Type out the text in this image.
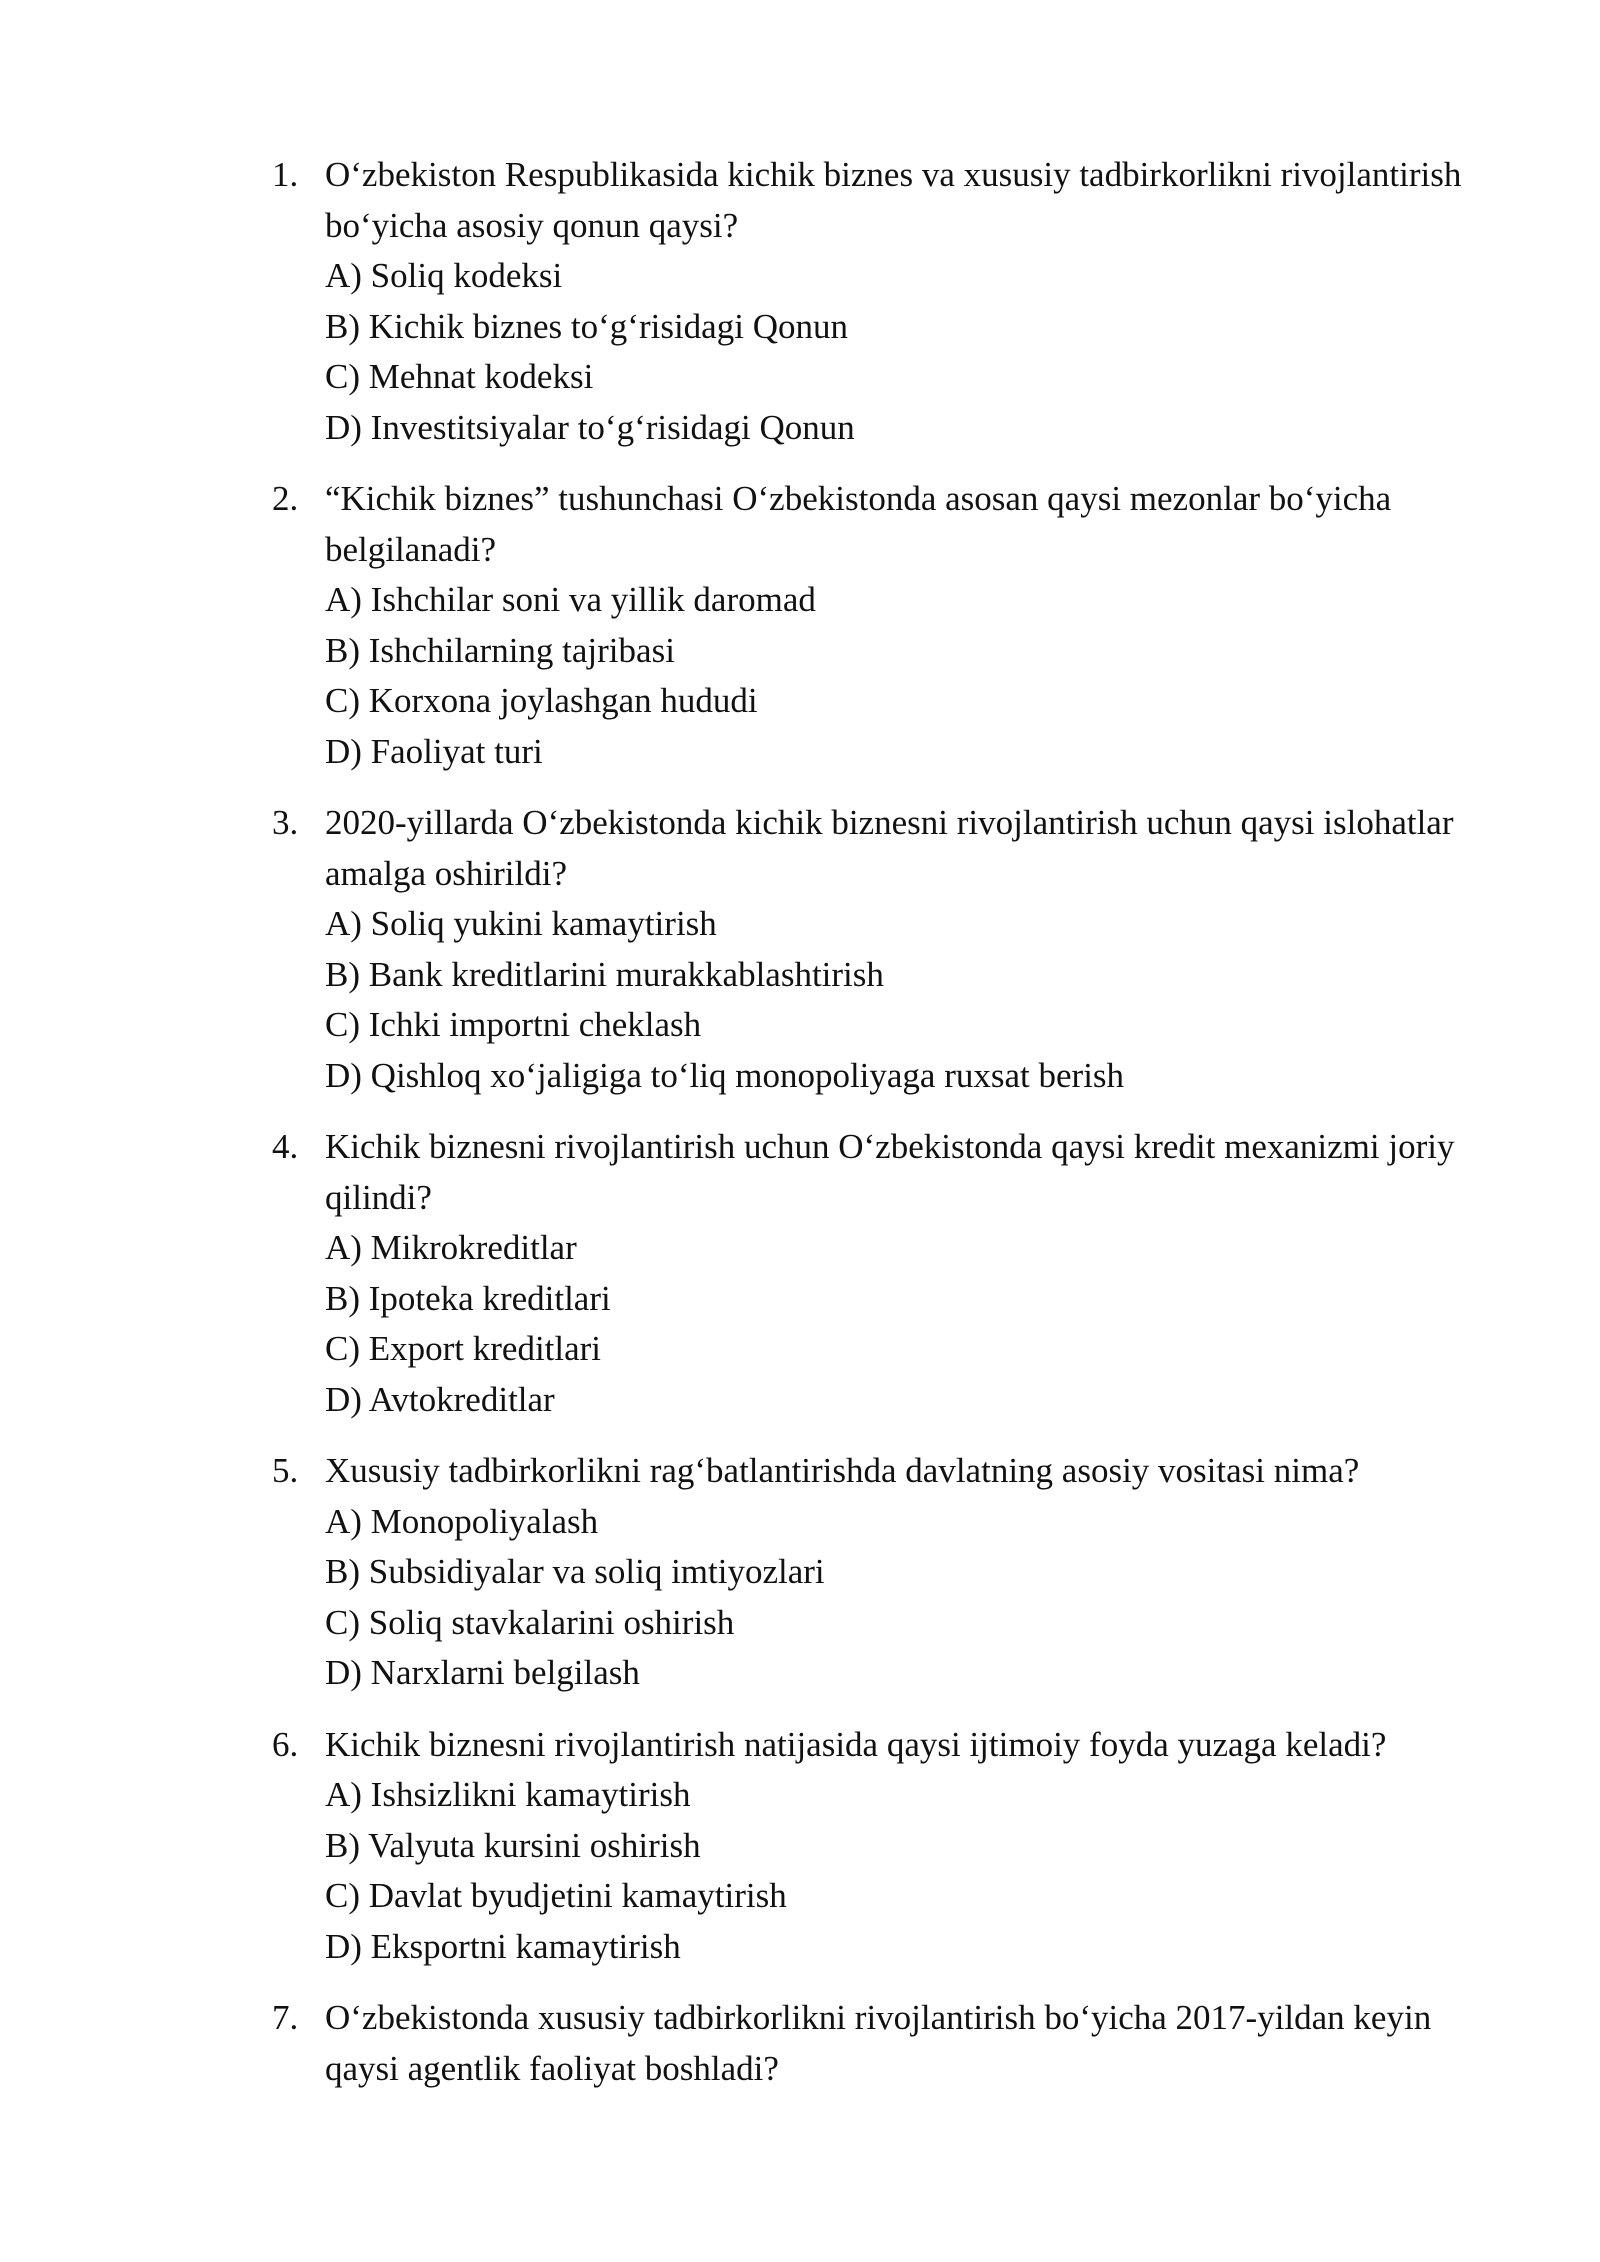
1. O‘zbekiston Respublikasida kichik biznes va xususiy tadbirkorlikni rivojlantirish bo‘yicha asosiy qonun qaysi?
A) Soliq kodeksi
B) Kichik biznes to‘g‘risidagi Qonun
C) Mehnat kodeksi
D) Investitsiyalar to‘g‘risidagi Qonun
2. “Kichik biznes” tushunchasi O‘zbekistonda asosan qaysi mezonlar bo‘yicha belgilanadi?
A) Ishchilar soni va yillik daromad
B) Ishchilarning tajribasi
C) Korxona joylashgan hududi
D) Faoliyat turi
3. 2020-yillarda O‘zbekistonda kichik biznesni rivojlantirish uchun qaysi islohatlar amalga oshirildi?
A) Soliq yukini kamaytirish
B) Bank kreditlarini murakkablashtirish
C) Ichki importni cheklash
D) Qishloq xo‘jaligiga to‘liq monopoliyaga ruxsat berish
4. Kichik biznesni rivojlantirish uchun O‘zbekistonda qaysi kredit mexanizmi joriy qilindi?
A) Mikrokreditlar
B) Ipoteka kreditlari
C) Export kreditlari
D) Avtokreditlar
5. Xususiy tadbirkorlikni rag‘batlantirishda davlatning asosiy vositasi nima?
A) Monopoliyalash
B) Subsidiyalar va soliq imtiyozlari
C) Soliq stavkalarini oshirish
D) Narxlarni belgilash
6. Kichik biznesni rivojlantirish natijasida qaysi ijtimoiy foyda yuzaga keladi?
A) Ishsizlikni kamaytirish
B) Valyuta kursini oshirish
C) Davlat byudjetini kamaytirish
D) Eksportni kamaytirish
7. O‘zbekistonda xususiy tadbirkorlikni rivojlantirish bo‘yicha 2017-yildan keyin qaysi agentlik faoliyat boshladi?
